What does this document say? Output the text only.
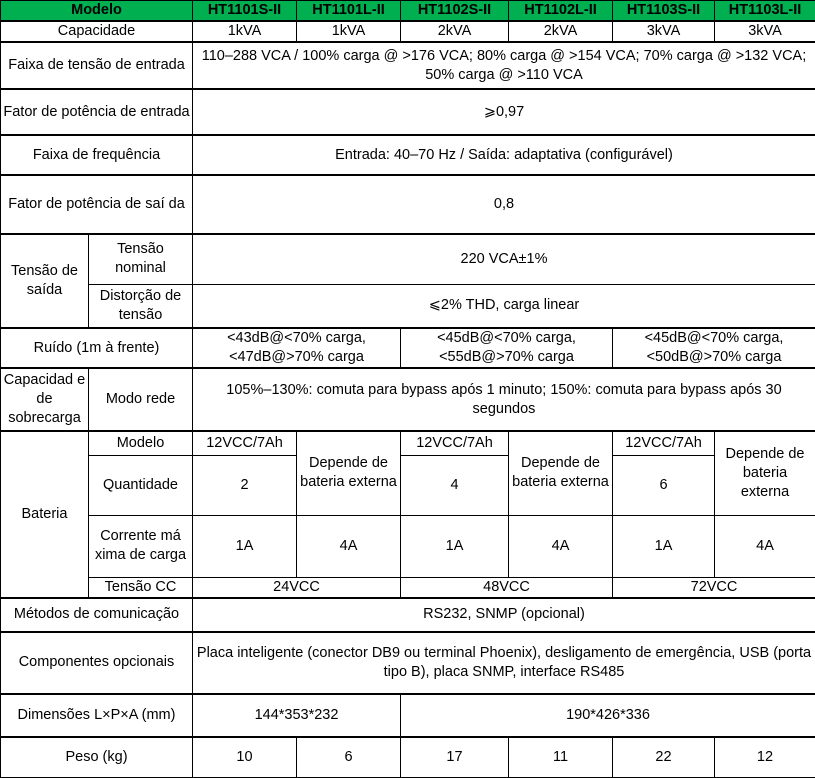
Modelo		HT1101S-II	HT1101L-II	HT1102S-II	HT1102L-II	HT1103S-II	HT1103L-II
Capacidade		1kVA	1kVA	2kVA	2kVA	3kVA	3kVA
Faixa de tensão de entrada		110–288 VCA / 100% carga @ >176 VCA; 80% carga @ >154 VCA; 70% carga @ >132 VCA; 50% carga @ >110 VCA					
Fator de potência de entrada		⩾0,97					
Faixa de frequência		Entrada: 40–70 Hz / Saída: adaptativa (configurável)					
Fator de potência de saí da		0,8					
Tensão de saída	Tensão nominal	220 VCA±1%					
	Distorção de tensão	⩽2% THD, carga linear					
Ruído (1m à frente)		<43dB@<70% carga, <47dB@>70% carga		<45dB@<70% carga, <55dB@>70% carga		<45dB@<70% carga, <50dB@>70% carga	
Capacidad e de sobrecarga	Modo rede	105%–130%: comuta para bypass após 1 minuto; 150%: comuta para bypass após 30 segundos					
Bateria	Modelo	12VCC/7Ah	Depende de bateria externa	12VCC/7Ah	Depende de bateria externa	12VCC/7Ah	Depende de bateria externa
	Quantidade	2		4		6	
	Corrente má xima de carga	1A	4A	1A	4A	1A	4A
	Tensão CC	24VCC		48VCC		72VCC	
Métodos de comunicação		RS232, SNMP (opcional)					
Componentes opcionais		Placa inteligente (conector DB9 ou terminal Phoenix), desligamento de emergência, USB (porta tipo B), placa SNMP, interface RS485					
Dimensões L×P×A (mm)		144*353*232		190*426*336			
Peso (kg)		10	6	17	11	22	12
